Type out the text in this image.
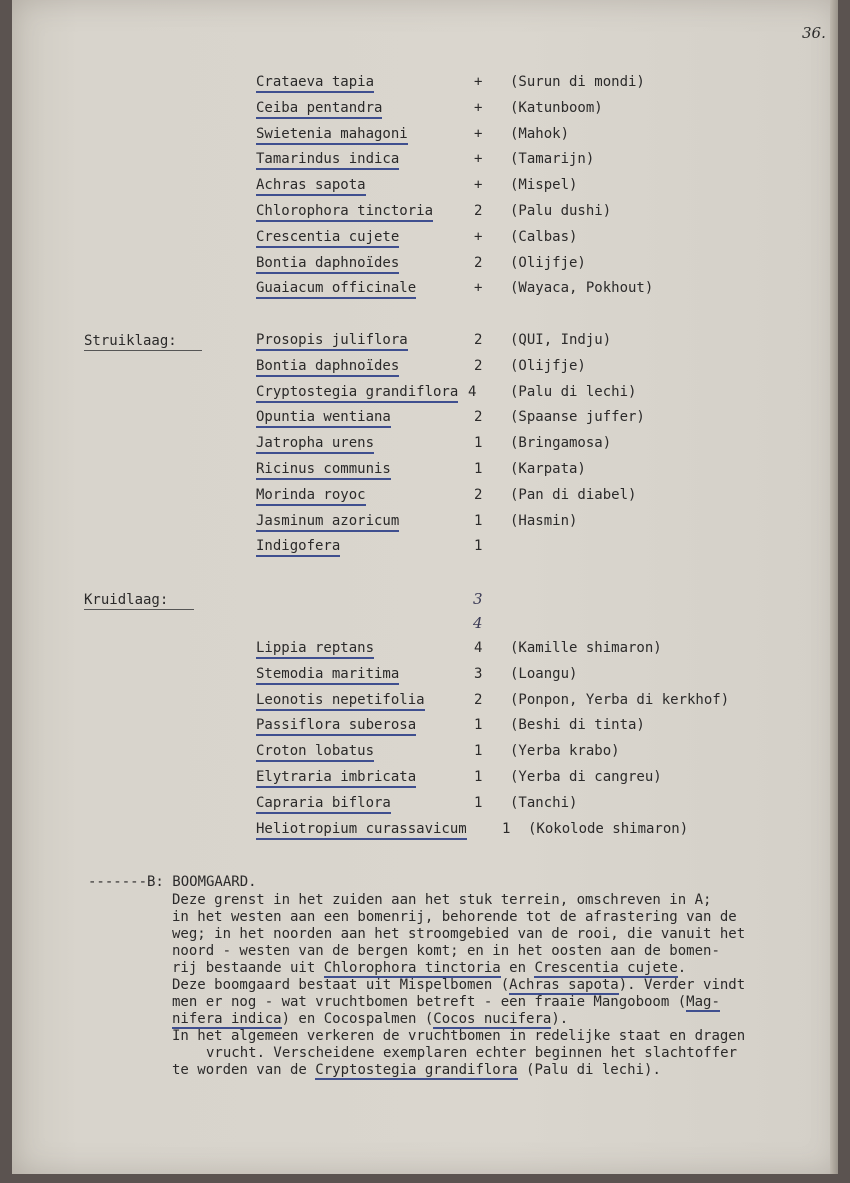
36.
Crataeva tapia	+ (Surun di mondi)
Ceiba pentandra	+ (Katunboom)
Swietenia mahagoni	+ (Mahok)
Tamarindus indica	+ (Tamarijn)
Achras sapota	+ (Mispel)
Chlorophora tinctoria	2 (Palu dushi)
Crescentia cujete	+ (Calbas)
Bontia daphnoïdes	2 (Olijfje)
Guaiacum officinale	+ (Wayaca, Pokhout)
Struiklaag:	Prosopis juliflora	2 (QUI, Indju)
Bontia daphnoïdes	2 (Olijfje)
Cryptostegia grandiflora 4 (Palu di lechi)
Opuntia wentiana	2 (Spaanse juffer)
Jatropha urens	1 (Bringamosa)
Ricinus communis	1 (Karpata)
Morinda royoc	2 (Pan di diabel)
Jasminum azoricum	1 (Hasmin)
Indigofera	1
Kruidlaag:	3
4
Lippia reptans	4 (Kamille shimaron)
Stemodia maritima	3 (Loangu)
Leonotis nepetifolia	2 (Ponpon, Yerba di kerkhof)
Passiflora suberosa	1 (Beshi di tinta)
Croton lobatus	1 (Yerba krabo)
Elytraria imbricata	1 (Yerba di cangreu)
Capraria biflora	1 (Tanchi)
Heliotropium curassavicum	1 (Kokolode shimaron)
-------B: BOOMGAARD.
Deze grenst in het zuiden aan het stuk terrein, omschreven in A;
in het westen aan een bomenrij, behorende tot de afrastering van de
weg; in het noorden aan het stroomgebied van de rooi, die vanuit het
noord - westen van de bergen komt; en in het oosten aan de bomen-
rij bestaande uit Chlorophora tinctoria en Crescentia cujete.
Deze boomgaard bestaat uit Mispelbomen (Achras sapota). Verder vindt
men er nog - wat vruchtbomen betreft - een fraaie Mangoboom (Mag-
nifera indica) en Cocospalmen (Cocos nucifera).
In het algemeen verkeren de vruchtbomen in redelijke staat en dragen
vrucht. Verscheidene exemplaren echter beginnen het slachtoffer
te worden van de Cryptostegia grandiflora (Palu di lechi).
